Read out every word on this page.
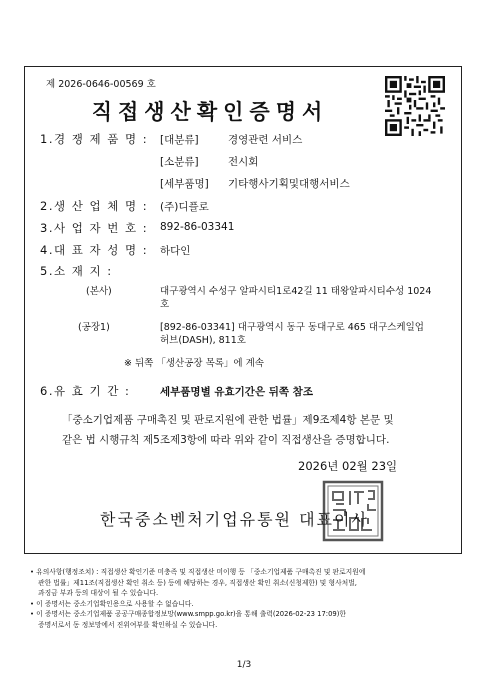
제 2026-0646-00569 호
직접생산확인증명서
1.경 쟁 제 품 명 : [대분류]	경영관련 서비스
[소분류]	전시회
[세부품명] 기타행사기획및대행서비스
2.생 산 업 체 명 : (주)디플로
3.사 업 자 번 호 : 892-86-03341
4.대 표 자 성 명 : 하다인
5.소 재 지 :
(본사)	대구광역시 수성구 알파시티1로42길 11 태왕알파시티수성 1024
호
(공장1)	[892-86-03341] 대구광역시 동구 동대구로 465 대구스케일업
허브(DASH), 811호
※ 뒤쪽 「생산공장 목록」에 계속
6.유 효 기 간 :	세부품명별 유효기간은 뒤쪽 참조
「중소기업제품 구매촉진 및 판로지원에 관한 법률」제9조제4항 본문 및
같은 법 시행규칙 제5조제3항에 따라 위와 같이 직접생산을 증명합니다.
2026년 02월 23일
한국중소벤처기업유통원 대표이사

• 유의사항(행정조치) : 직접생산 확인기준 미충족 및 직접생산 미이행 등 「중소기업제품 구매촉진 및 판로지원에

관한 법률」제11조(직접생산 확인 취소 등) 등에 해당하는 경우, 직접생산 확인 취소(신청제한) 및 형사처벌,

과징금 부과 등의 대상이 될 수 있습니다.

• 이 증명서는 중소기업확인용으로 사용할 수 없습니다.

• 이 증명서는 중소기업제품 공공구매종합정보망(www.smpp.go.kr)을 통해 출력(2026-02-23 17:09)한

증명서로서 동 정보망에서 진위여부를 확인하실 수 있습니다.

1/3
